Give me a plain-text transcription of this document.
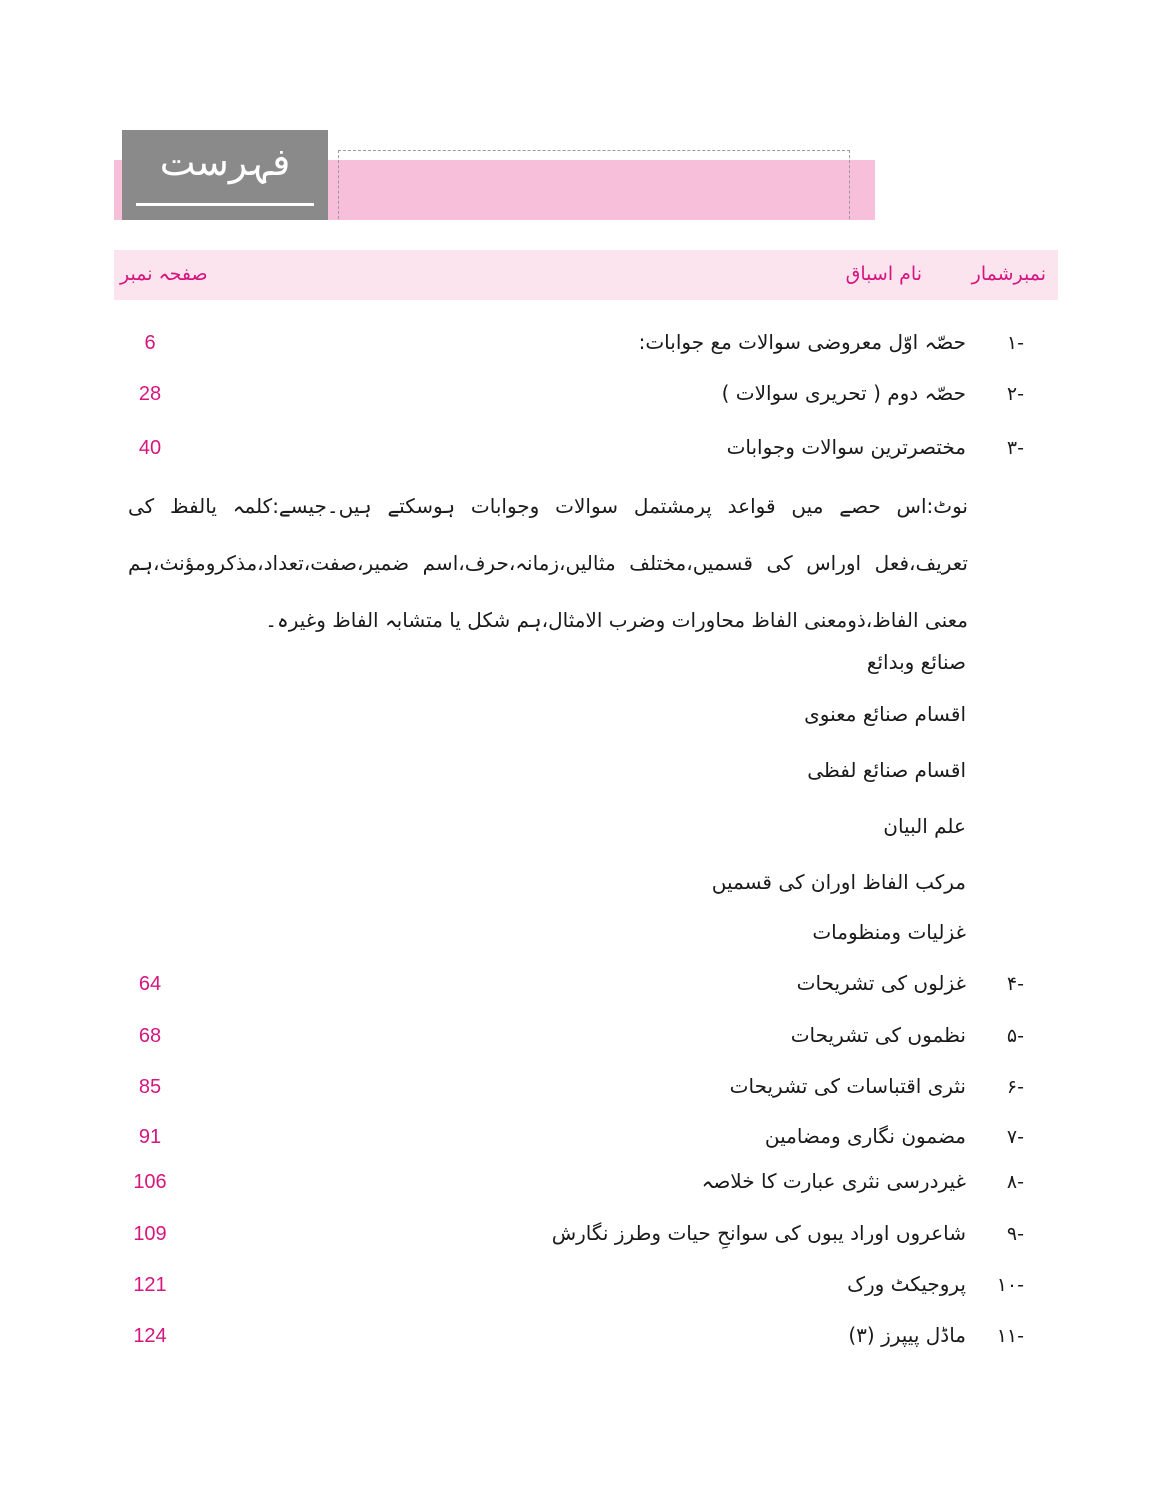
فہرست
نمبرشمار
نام اسباق
صفحہ نمبر
-۱
حصّہ اوّل معروضی سوالات مع جوابات:
6
-۲
حصّہ دوم ( تحریری سوالات )
28
-۳
مختصرترین سوالات وجوابات
40
نوٹ:اس حصے میں قواعد پرمشتمل سوالات وجوابات ہوسکتے ہیں۔جیسے:کلمہ یالفظ کی تعریف،فعل اوراس کی قسمیں،مختلف مثالیں،زمانہ،حرف،اسم ضمیر،صفت،تعداد،مذکرومؤنث،ہم معنی الفاظ،ذومعنی الفاظ محاورات وضرب الامثال،ہم شکل یا متشابہ الفاظ وغیرہ۔
صنائع وبدائع
اقسام صنائع معنوی
اقسام صنائع لفظی
علم البیان
مرکب الفاظ اوران کی قسمیں
غزلیات ومنظومات
-۴
غزلوں کی تشریحات
64
-۵
نظموں کی تشریحات
68
-۶
نثری اقتباسات کی تشریحات
85
-۷
مضمون نگاری ومضامین
91
-۸
غیردرسی نثری عبارت کا خلاصہ
106
-۹
شاعروں اوراد یبوں کی سوانحِ حیات وطرز نگارش
109
-۱۰
پروجیکٹ ورک
121
-۱۱
ماڈل پیپرز (۳)
124
